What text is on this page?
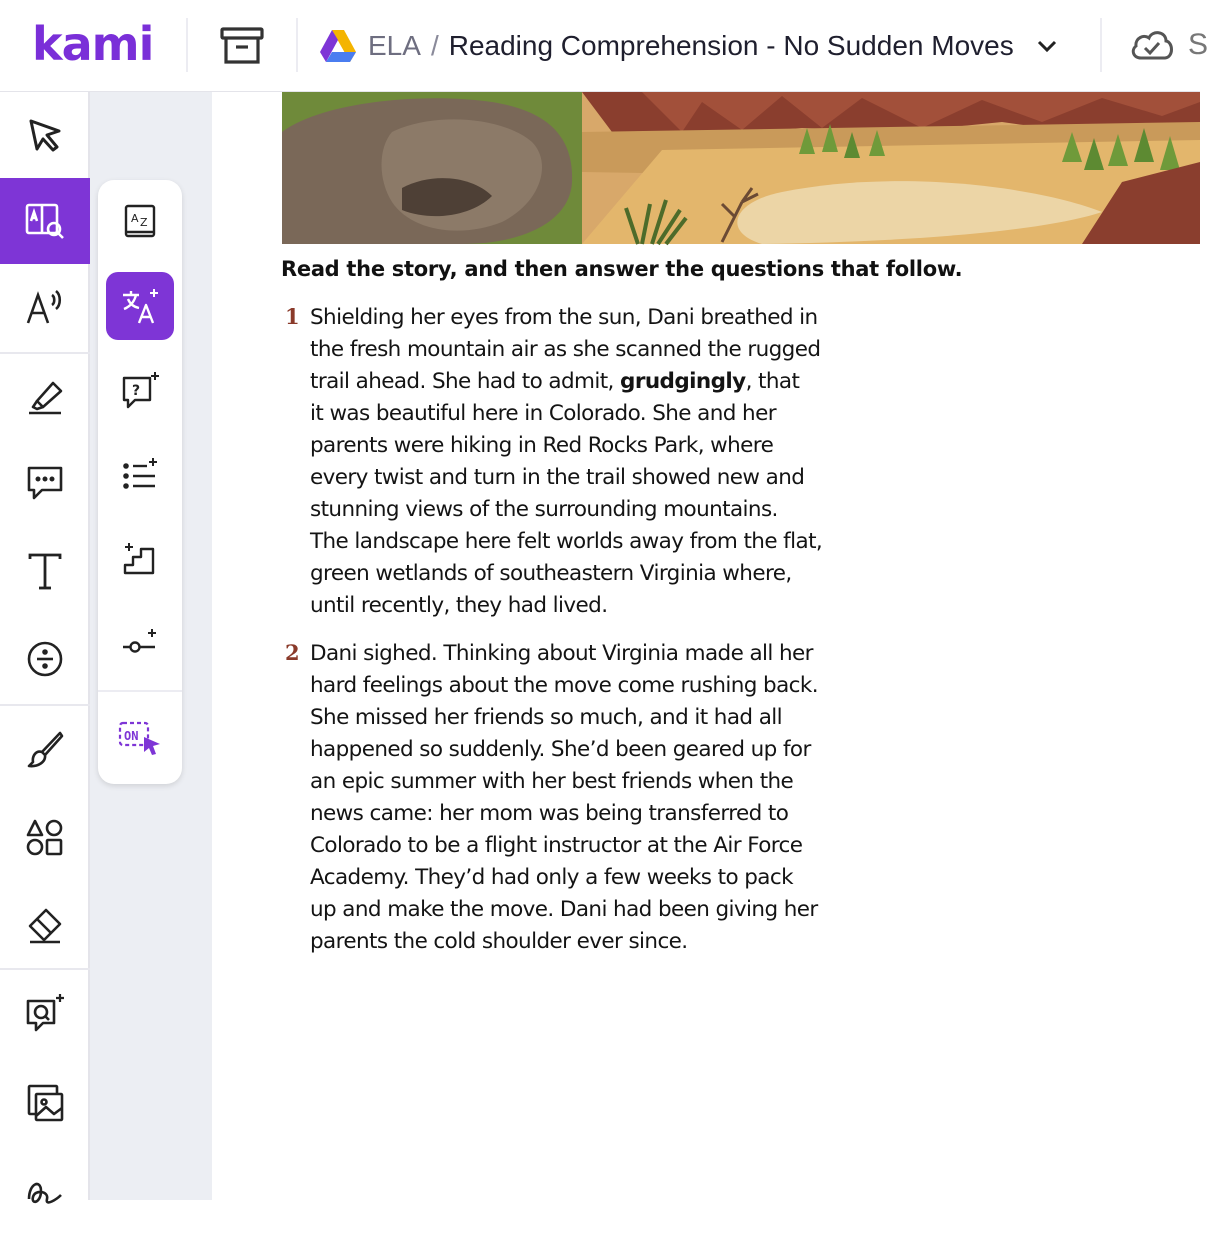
kami	ELA / Reading Comprehension - No Sudden Moves	S
A Z
?
ON
Read the story, and then answer the questions that follow.
1 Shielding her eyes from the sun, Dani breathed in
the fresh mountain air as she scanned the rugged
trail ahead. She had to admit, grudgingly, that
it was beautiful here in Colorado. She and her
parents were hiking in Red Rocks Park, where
every twist and turn in the trail showed new and
stunning views of the surrounding mountains.
The landscape here felt worlds away from the flat,
green wetlands of southeastern Virginia where,
until recently, they had lived.
2 Dani sighed. Thinking about Virginia made all her
hard feelings about the move come rushing back.
She missed her friends so much, and it had all
happened so suddenly. She’d been geared up for
an epic summer with her best friends when the
news came: her mom was being transferred to
Colorado to be a flight instructor at the Air Force
Academy. They’d had only a few weeks to pack
up and make the move. Dani had been giving her
parents the cold shoulder ever since.
